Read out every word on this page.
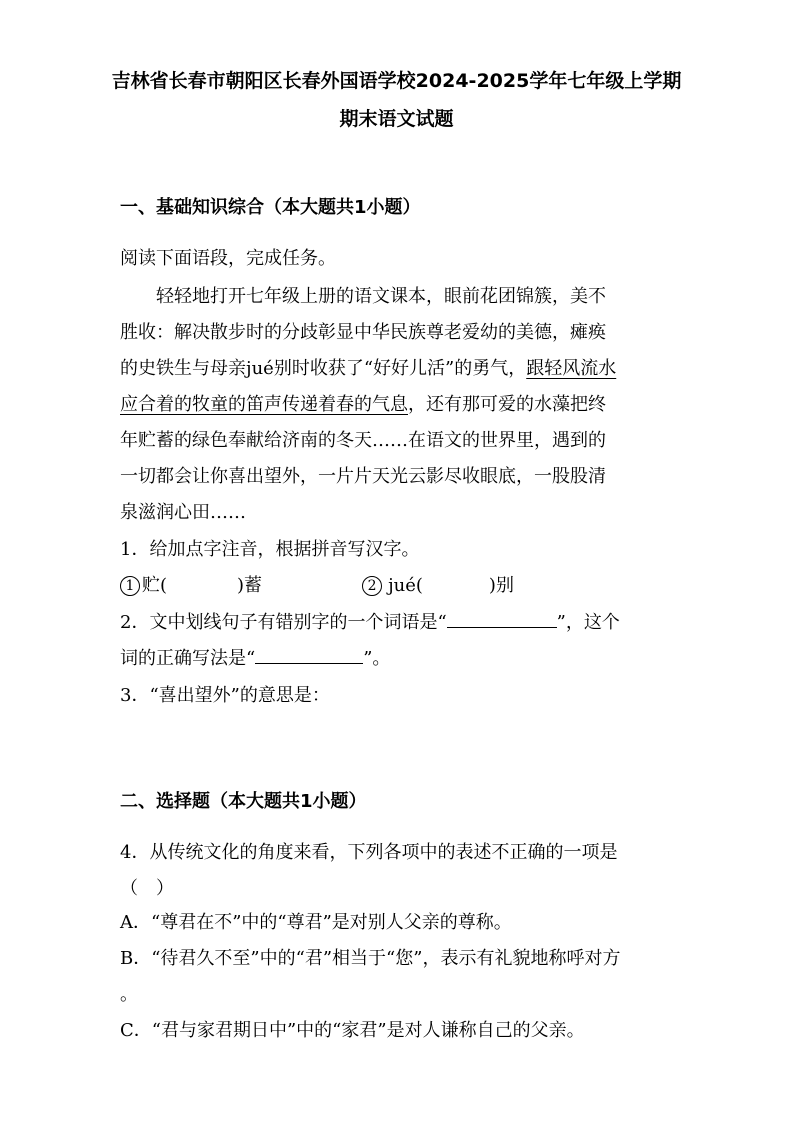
吉林省长春市朝阳区长春外国语学校2024-2025学年七年级上学期
期末语文试题
一、基础知识综合（本大题共1小题）
阅读下面语段，完成任务。
　　轻轻地打开七年级上册的语文课本，眼前花团锦簇，美不
胜收：解决散步时的分歧彰显中华民族尊老爱幼的美德，瘫痪
的史铁生与母亲jué别时收获了“好好儿活”的勇气，跟轻风流水
应合着的牧童的笛声传递着春的气息，还有那可爱的水藻把终
年贮蓄的绿色奉献给济南的冬天……在语文的世界里，遇到的
一切都会让你喜出望外，一片片天光云影尽收眼底，一股股清
泉滋润心田……
1．给加点字注音，根据拼音写汉字。
1 贮(	)蓄	2 jué(	)别
2．文中划线句子有错别字的一个词语是“	”，这个
词的正确写法是“	”。
3．“喜出望外”的意思是：
二、选择题（本大题共1小题）
4．从传统文化的角度来看，下列各项中的表述不正确的一项是
（　）
A．“尊君在不”中的“尊君”是对别人父亲的尊称。
B．“待君久不至”中的“君”相当于“您”，表示有礼貌地称呼对方
。
C．“君与家君期日中”中的“家君”是对人谦称自己的父亲。
